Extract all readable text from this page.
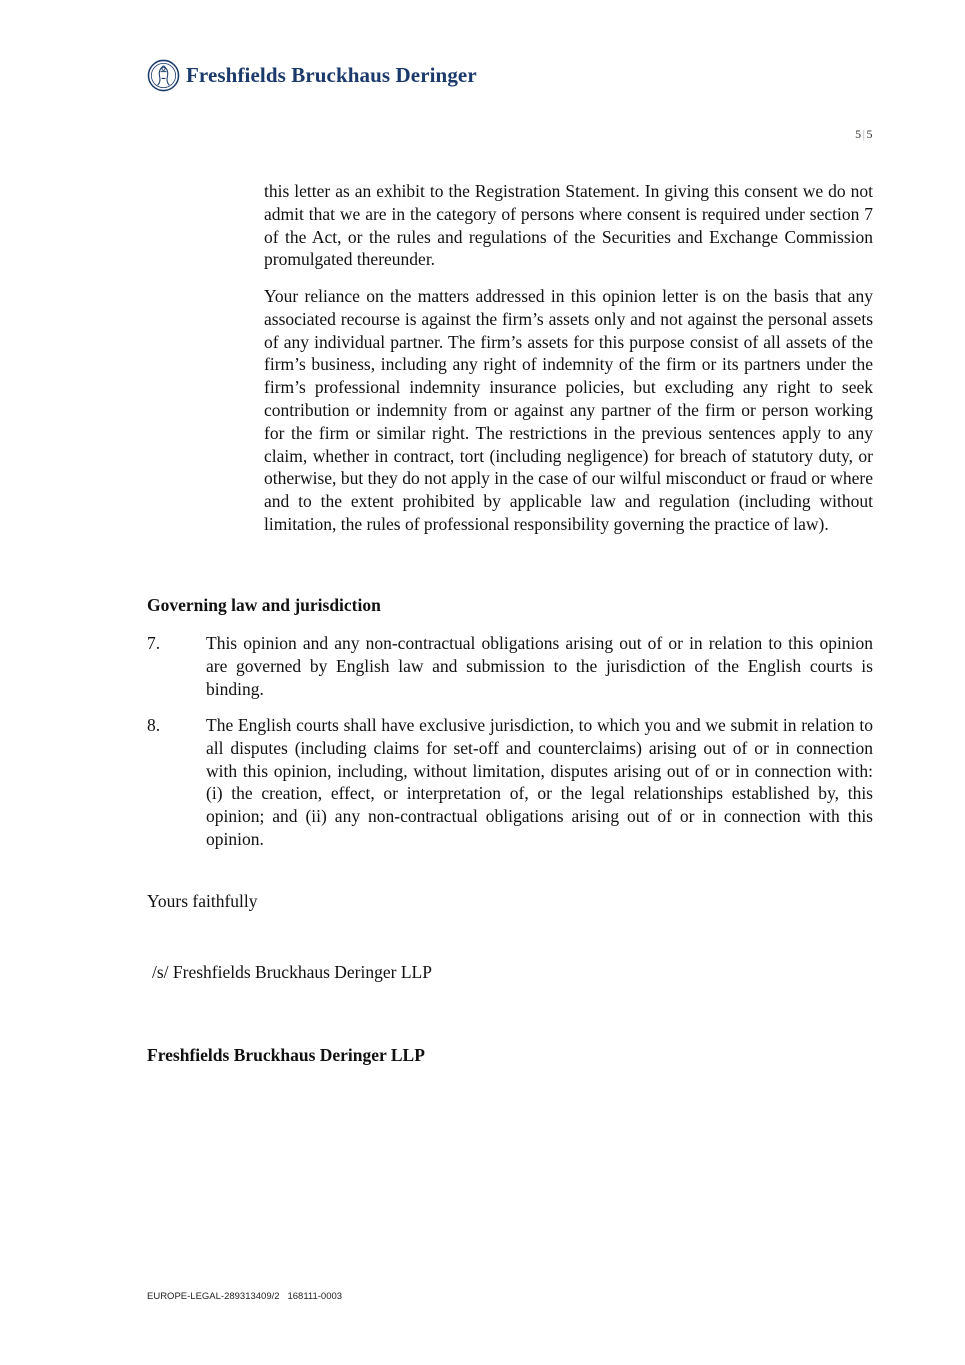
Freshfields Bruckhaus Deringer
5|5

this letter as an exhibit to the Registration Statement. In giving this consent we do not admit that we are in the category of persons where consent is required under section 7 of the Act, or the rules and regulations of the Securities and Exchange Commission promulgated thereunder.

Your reliance on the matters addressed in this opinion letter is on the basis that any associated recourse is against the firm’s assets only and not against the personal assets of any individual partner. The firm’s assets for this purpose consist of all assets of the firm’s business, including any right of indemnity of the firm or its partners under the firm’s professional indemnity insurance policies, but excluding any right to seek contribution or indemnity from or against any partner of the firm or person working for the firm or similar right. The restrictions in the previous sentences apply to any claim, whether in contract, tort (including negligence) for breach of statutory duty, or otherwise, but they do not apply in the case of our wilful misconduct or fraud or where and to the extent prohibited by applicable law and regulation (including without limitation, the rules of professional responsibility governing the practice of law).

Governing law and jurisdiction

7.	This opinion and any non-contractual obligations arising out of or in relation to this opinion are governed by English law and submission to the jurisdiction of the English courts is binding.
8.	The English courts shall have exclusive jurisdiction, to which you and we submit in relation to all disputes (including claims for set-off and counterclaims) arising out of or in connection with this opinion, including, without limitation, disputes arising out of or in connection with: (i) the creation, effect, or interpretation of, or the legal relationships established by, this opinion; and (ii) any non-contractual obligations arising out of or in connection with this opinion.
Yours faithfully
/s/ Freshfields Bruckhaus Deringer LLP
Freshfields Bruckhaus Deringer LLP
EUROPE-LEGAL-289313409/2   168111-0003
